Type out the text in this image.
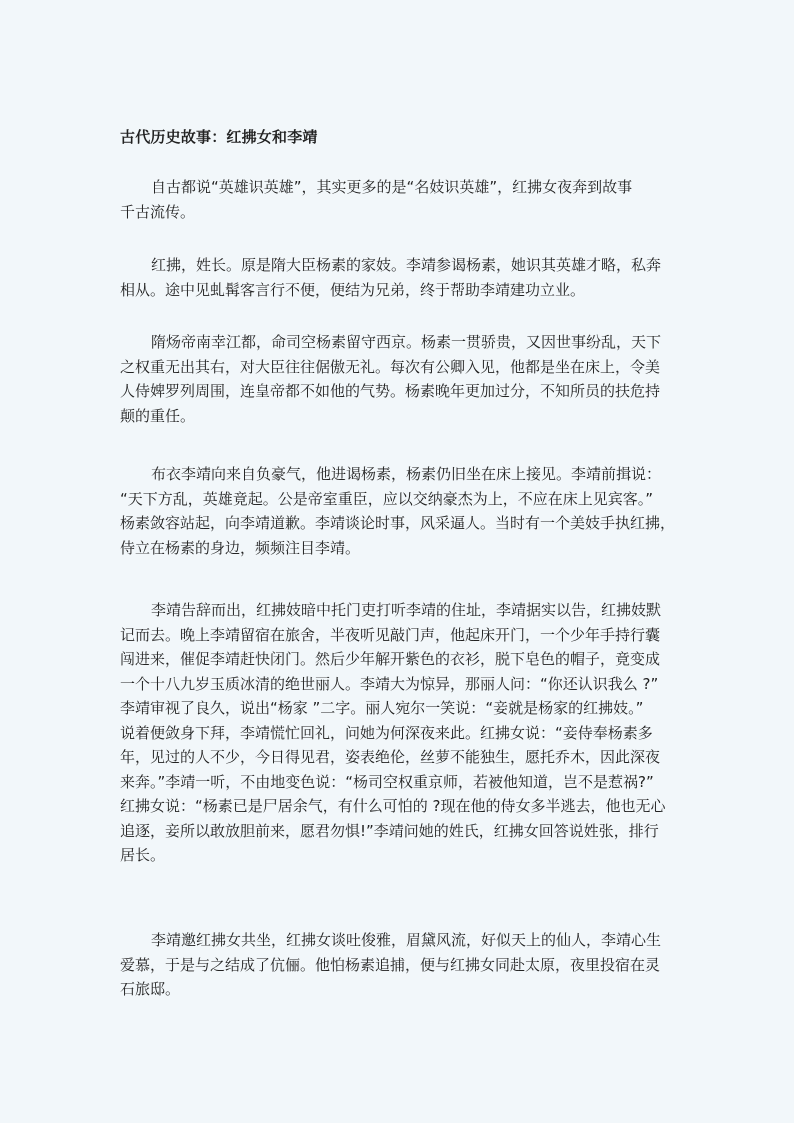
古代历史故事：红拂女和李靖
自古都说“英雄识英雄”，其实更多的是“名妓识英雄”，红拂女夜奔到故事
千古流传。
红拂，姓长。原是隋大臣杨素的家妓。李靖参谒杨素，她识其英雄才略，私奔
相从。途中见虬髯客言行不便，便结为兄弟，终于帮助李靖建功立业。
隋炀帝南幸江都，命司空杨素留守西京。杨素一贯骄贵，又因世事纷乱，天下
之权重无出其右，对大臣往往倨傲无礼。每次有公卿入见，他都是坐在床上，令美
人侍婢罗列周围，连皇帝都不如他的气势。杨素晚年更加过分，不知所员的扶危持
颠的重任。
布衣李靖向来自负豪气，他进谒杨素，杨素仍旧坐在床上接见。李靖前揖说：
“天下方乱，英雄竟起。公是帝室重臣，应以交纳豪杰为上，不应在床上见宾客。”
杨素敛容站起，向李靖道歉。李靖谈论时事，风采逼人。当时有一个美妓手执红拂，
侍立在杨素的身边，频频注目李靖。
李靖告辞而出，红拂妓暗中托门吏打听李靖的住址，李靖据实以告，红拂妓默
记而去。晚上李靖留宿在旅舍，半夜听见敲门声，他起床开门，一个少年手持行囊
闯进来，催促李靖赶快闭门。然后少年解开紫色的衣衫，脱下皂色的帽子，竟变成
一个十八九岁玉质冰清的绝世丽人。李靖大为惊异，那丽人问：“你还认识我么 ?”
李靖审视了良久，说出“杨家 ”二字。丽人宛尔一笑说：“妾就是杨家的红拂妓。”
说着便敛身下拜，李靖慌忙回礼，问她为何深夜来此。红拂女说：“妾侍奉杨素多
年，见过的人不少，今日得见君，姿表绝伦，丝萝不能独生，愿托乔木，因此深夜
来奔。”李靖一听，不由地变色说：“杨司空权重京师，若被他知道，岂不是惹祸?”
红拂女说：“杨素已是尸居余气，有什么可怕的 ?现在他的侍女多半逃去，他也无心
追逐，妾所以敢放胆前来，愿君勿惧!”李靖问她的姓氏，红拂女回答说姓张，排行
居长。
李靖邀红拂女共坐，红拂女谈吐俊雅，眉黛风流，好似天上的仙人，李靖心生
爱慕，于是与之结成了伉俪。他怕杨素追捕，便与红拂女同赴太原，夜里投宿在灵
石旅邸。
